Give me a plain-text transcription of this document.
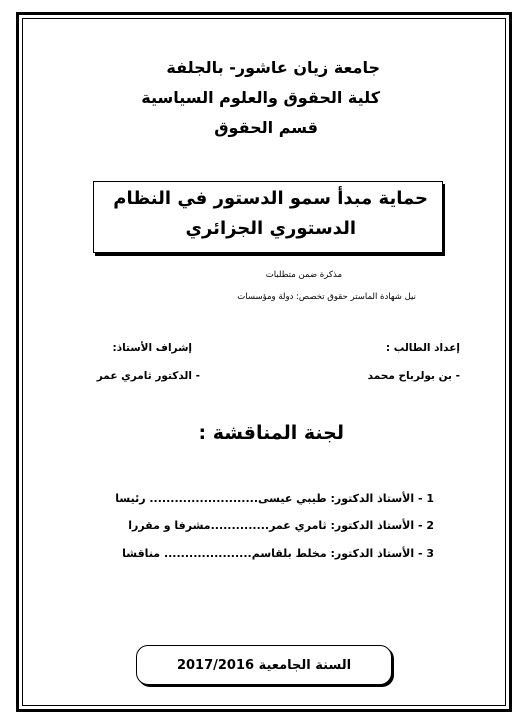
جامعة زيان عاشور- بالجلفة
كلية الحقوق والعلوم السياسية
قسم الحقوق
حماية مبدأ سمو الدستور في النظام
الدستوري الجزائري
مذكرة ضمن متطلبات
نيل شهادة الماستر حقوق تخصص: دولة ومؤسسات
إعداد الطالب :
إشراف الأستاذ:
- بن بولرباح محمد
- الدكتور ثامري عمر
لجنة المناقشة :
1 - الأستاذ الدكتور: طيبي عيسى.......................... رئيسا
2 - الأستاذ الدكتور: ثامري عمر..............مشرفا و مقررا
3 - الأستاذ الدكتور: مخلط بلقاسم..................... مناقشا
السنة الجامعية 2017/2016
